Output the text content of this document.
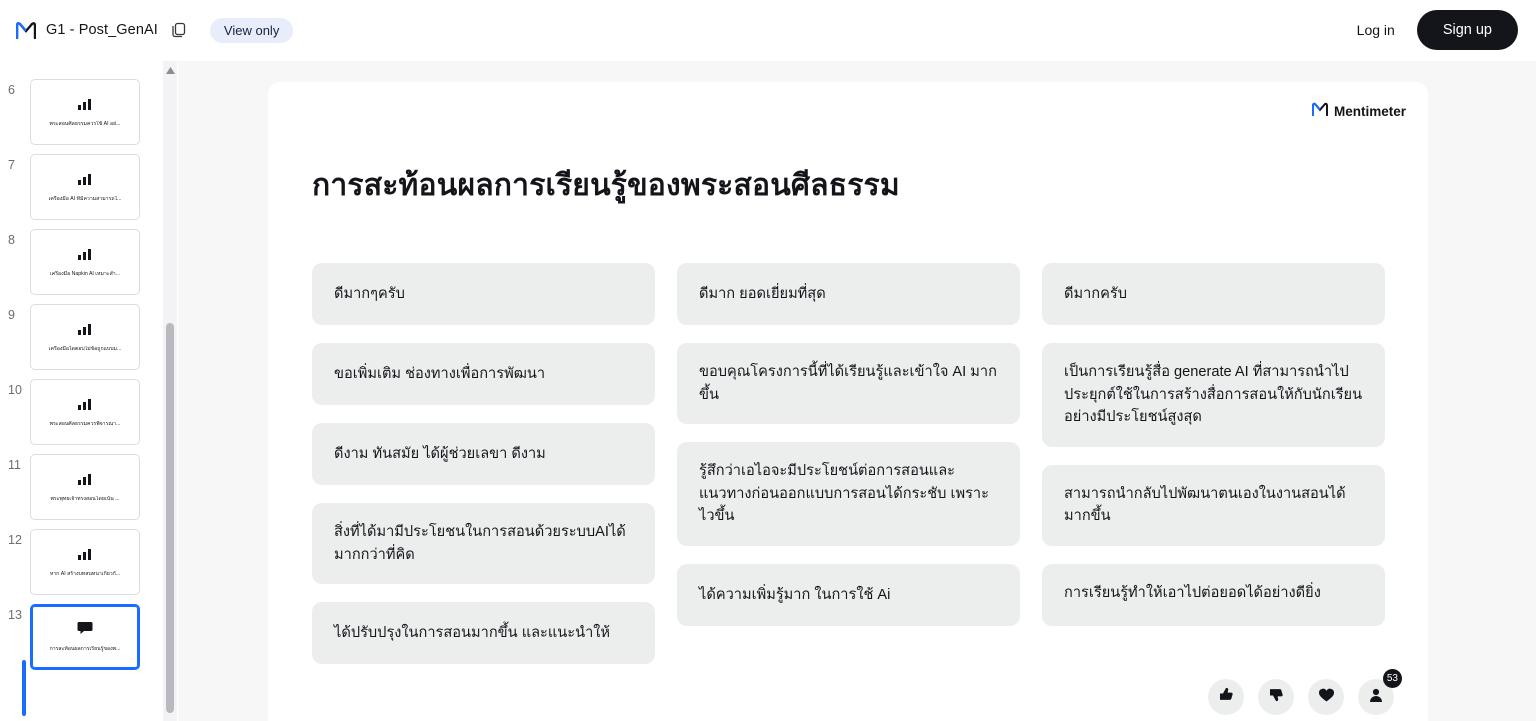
G1 - Post_GenAI	View only	Log in	Sign up
6
พระสอนศีลธรรมควรใช้ AI อย่...
7
เครื่องมือ AI ที่มีความสามารถใ...
8
เครื่องมือ Napkin AI เหมาะสำ...
9
เครื่องมือใดตอบไม่ข้อถูกแบบม...
10
พระสอนศีลธรรมควรพิจารณา...
11
พระพุทธเจ้าทรงสอนโดยเน้น ...
12
หาก AI สร้างบทสนทนาเกี่ยวกั...
13
การสะท้อนผลการเรียนรู้ของพ...
Mentimeter
การสะท้อนผลการเรียนรู้ของพระสอนศีลธรรม
ดีมากๆครับ
ขอเพิ่มเติม ช่องทางเพื่อการพัฒนา
ดีงาม ทันสมัย ได้ผู้ช่วยเลขา ดีงาม
สิ่งที่ได้มามีประโยชนในการสอนด้วยระบบAIได้มากกว่าที่คิด
ได้ปรับปรุงในการสอนมากขึ้น และแนะนำให้
ดีมาก ยอดเยี่ยมที่สุด
ขอบคุณโครงการนี้ที่ได้เรียนรู้และเข้าใจ AI มากขึ้น
รู้สึกว่าเอไอจะมีประโยชน์ต่อการสอนและแนวทางก่อนออกแบบการสอนได้กระชับ เพราะไวขึ้น
ได้ความเพิ่มรู้มาก ในการใช้ Ai
ดีมากครับ
เป็นการเรียนรู้สื่อ generate AI ที่สามารถนำไปประยุกต์ใช้ในการสร้างสื่อการสอนให้กับนักเรียนอย่างมีประโยชน์สูงสุด
สามารถนำกลับไปพัฒนาตนเองในงานสอนได้มากขึ้น
การเรียนรู้ทำให้เอาไปต่อยอดได้อย่างดียิ่ง
53
